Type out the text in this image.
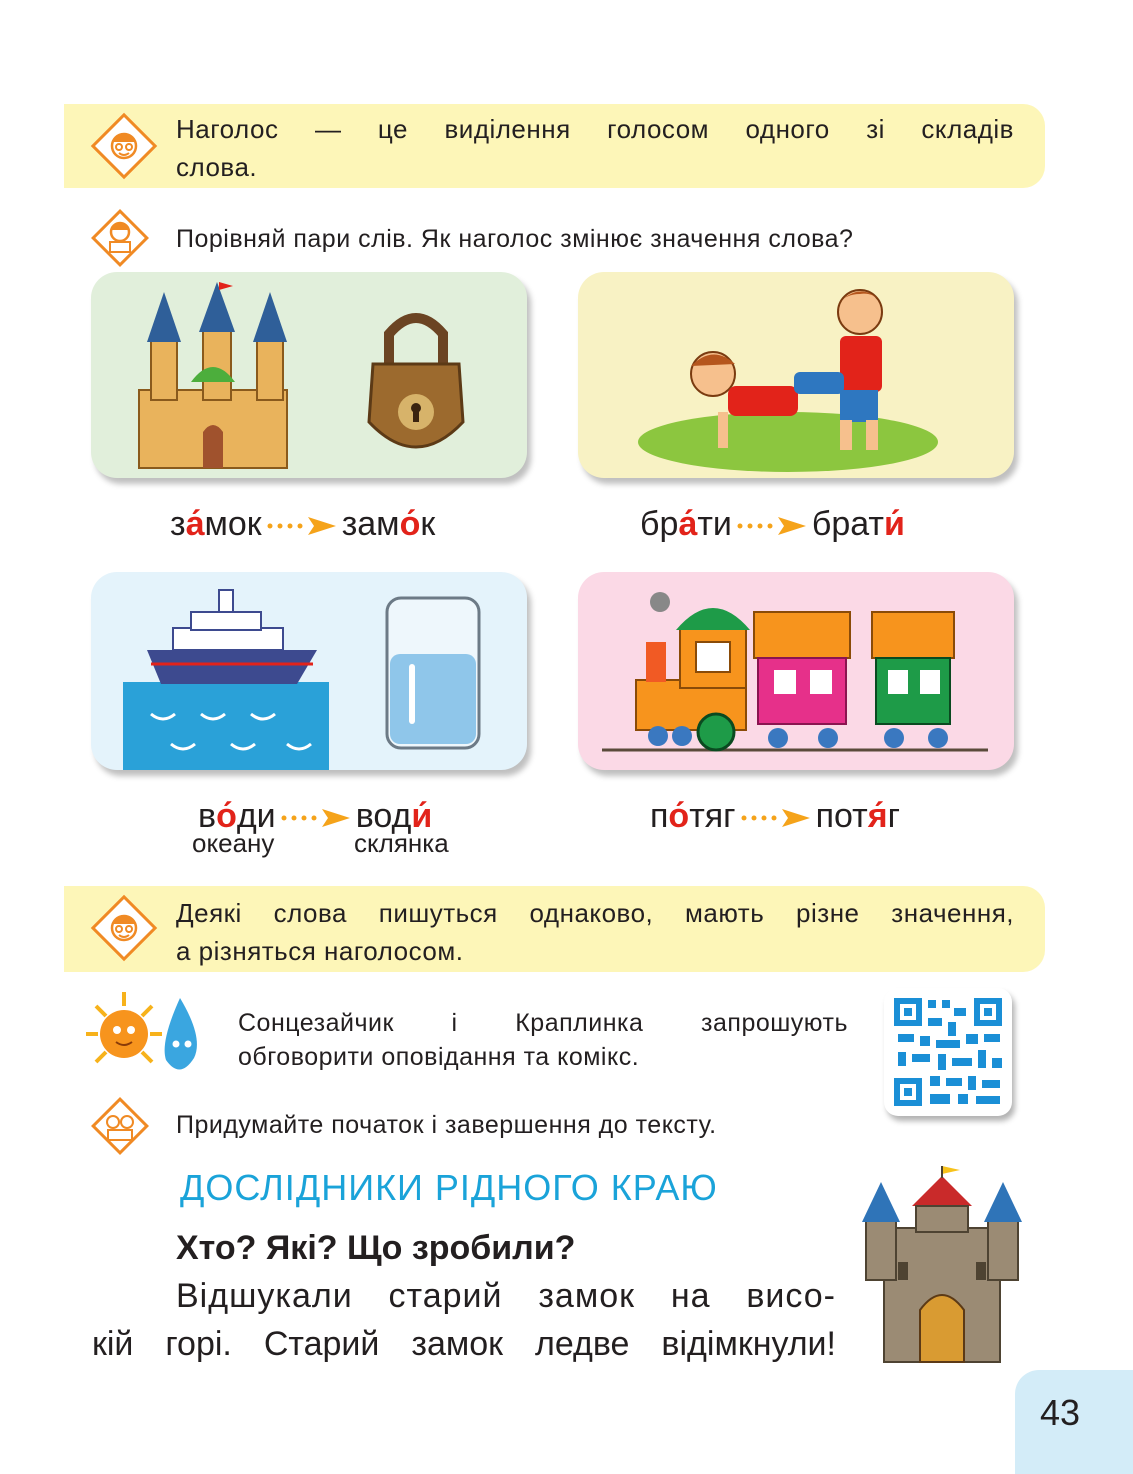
Наголос — це виділення голосом одного зі складів
слова.
Порівняй пари слів. Як наголос змінює значення слова?
за́мок замо́к	бра́ти брати́
во́ди води́
океану	склянка
по́тяг потя́г
Деякі слова пишуться однаково, мають різне значення,
а різняться наголосом.
Сонцезайчик і Краплинка запрошують
обговорити оповідання та комікс.
Придумайте початок і завершення до тексту.
ДОСЛІДНИКИ РІДНОГО КРАЮ
Хто? Які? Що зробили?
Відшукали старий замок на висо-
кій горі. Старий замок ледве відімкнули!
43
